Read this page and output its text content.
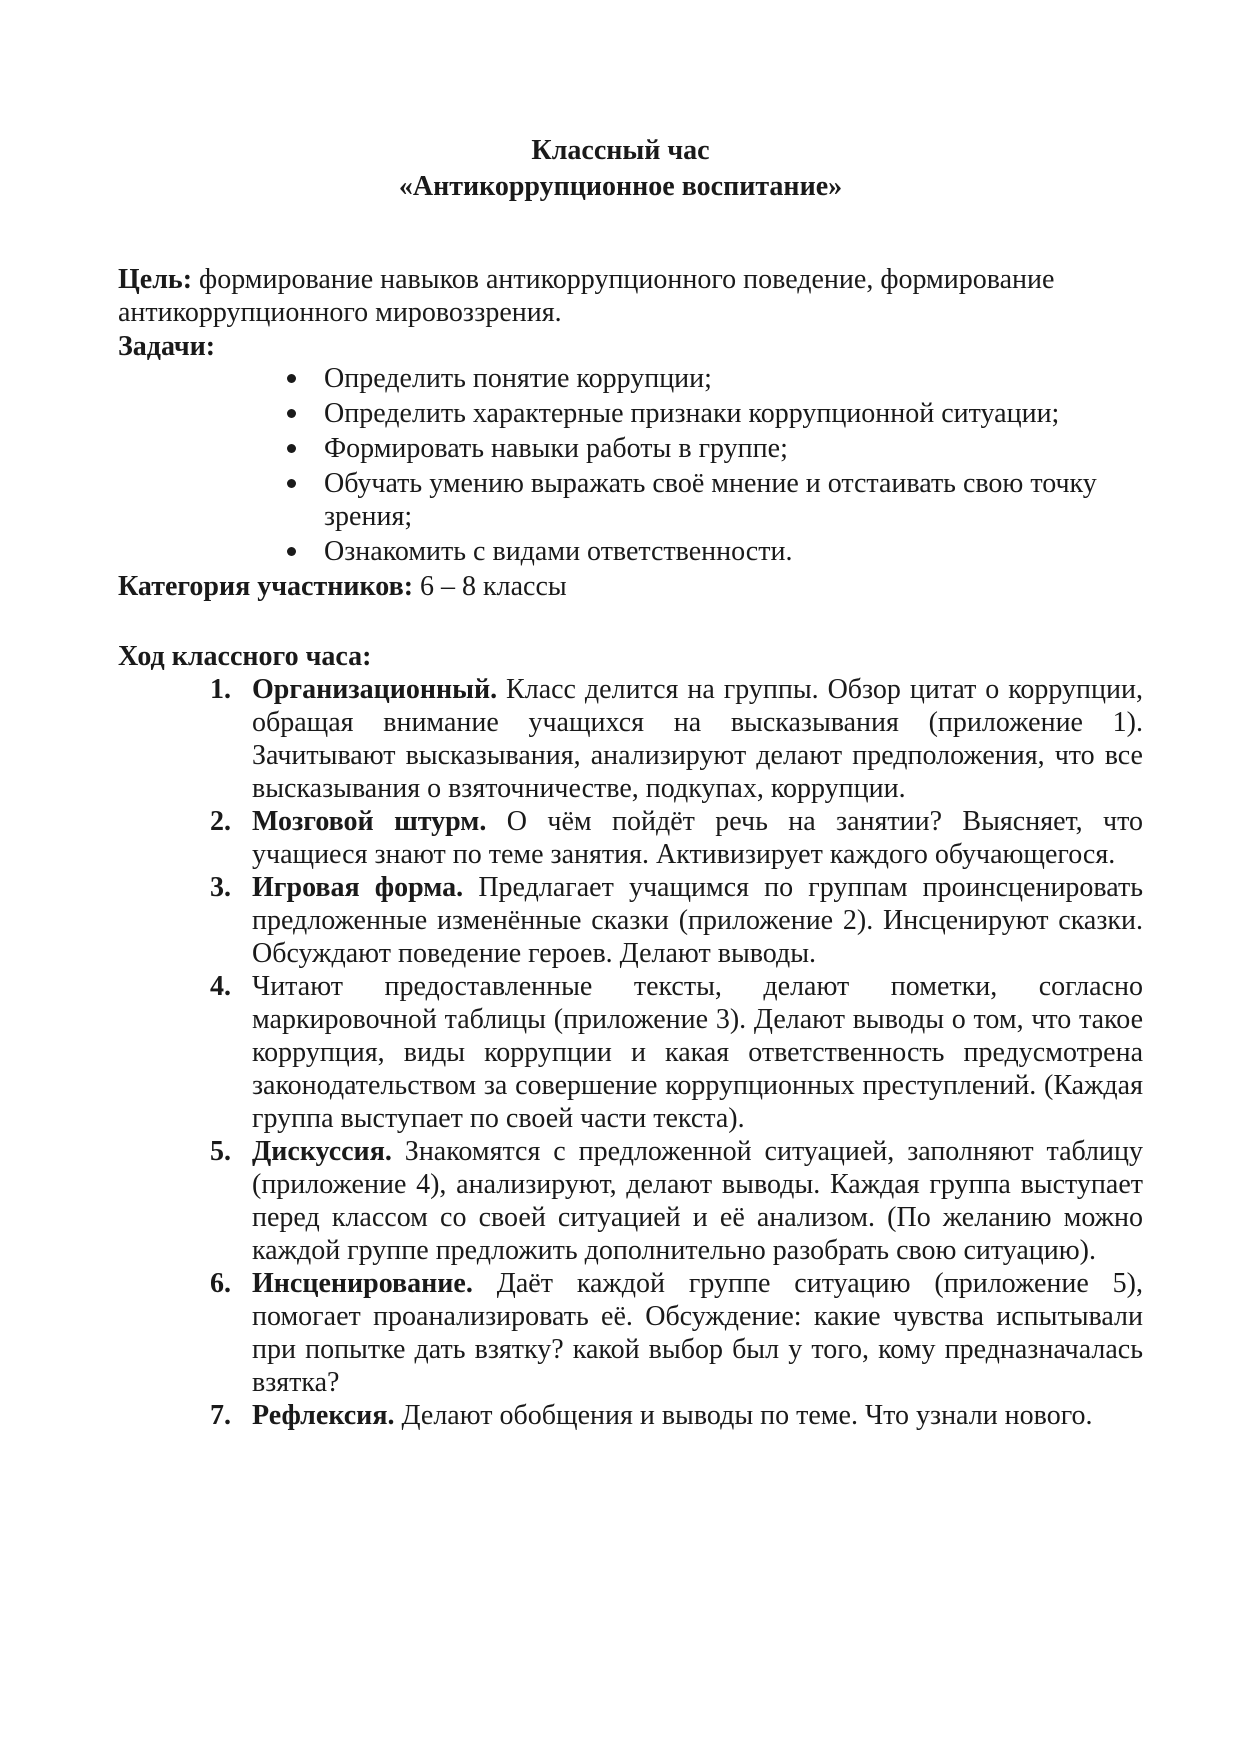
Классный час
«Антикоррупционное воспитание»
Цель: формирование навыков антикоррупционного поведение, формирование антикоррупционного мировоззрения.
Задачи:
Определить понятие коррупции;
Определить характерные признаки коррупционной ситуации;
Формировать навыки работы в группе;
Обучать умению выражать своё мнение и отстаивать свою точку зрения;
Ознакомить с видами ответственности.
Категория участников: 6 – 8 классы
Ход классного часа:
1. Организационный. Класс делится на группы. Обзор цитат о коррупции, обращая внимание учащихся на высказывания (приложение 1). Зачитывают высказывания, анализируют делают предположения, что все высказывания о взяточничестве, подкупах, коррупции.
2. Мозговой штурм. О чём пойдёт речь на занятии? Выясняет, что учащиеся знают по теме занятия. Активизирует каждого обучающегося.
3. Игровая форма. Предлагает учащимся по группам проинсценировать предложенные изменённые сказки (приложение 2). Инсценируют сказки. Обсуждают поведение героев. Делают выводы.
4. Читают предоставленные тексты, делают пометки, согласно маркировочной таблицы (приложение 3). Делают выводы о том, что такое коррупция, виды коррупции и какая ответственность предусмотрена законодательством за совершение коррупционных преступлений. (Каждая группа выступает по своей части текста).
5. Дискуссия. Знакомятся с предложенной ситуацией, заполняют таблицу (приложение 4), анализируют, делают выводы. Каждая группа выступает перед классом со своей ситуацией и её анализом. (По желанию можно каждой группе предложить дополнительно разобрать свою ситуацию).
6. Инсценирование. Даёт каждой группе ситуацию (приложение 5), помогает проанализировать её. Обсуждение: какие чувства испытывали при попытке дать взятку? какой выбор был у того, кому предназначалась взятка?
7. Рефлексия. Делают обобщения и выводы по теме. Что узнали нового.
